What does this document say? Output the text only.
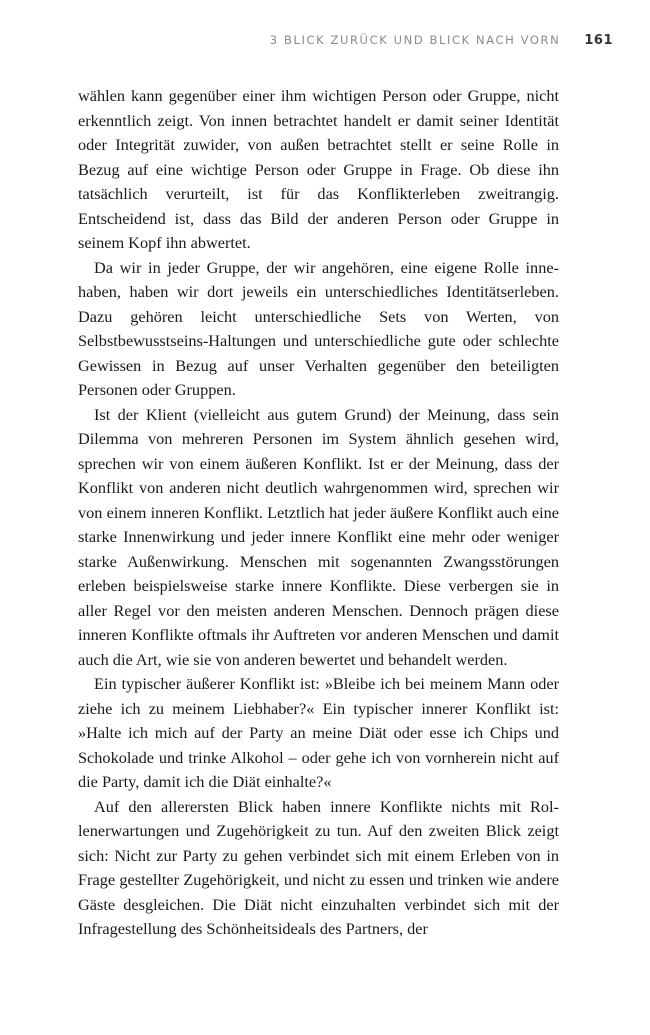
3 BLICK ZURÜCK UND BLICK NACH VORN 161

wählen kann gegenüber einer ihm wichtigen Person oder Gruppe, nicht erkenntlich zeigt. Von innen betrachtet handelt er damit seiner Identität oder Integrität zuwider, von außen betrachtet stellt er seine Rolle in Bezug auf eine wichtige Person oder Gruppe in Frage. Ob diese ihn tatsächlich verurteilt, ist für das Konflikterleben zweitrangig. Entscheidend ist, dass das Bild der anderen Person oder Gruppe in seinem Kopf ihn abwertet.

Da wir in jeder Gruppe, der wir angehören, eine eigene Rolle innehaben, haben wir dort jeweils ein unterschiedliches Identitätserleben. Dazu gehören leicht unterschiedliche Sets von Werten, von Selbstbewusstseins-Haltungen und unterschiedliche gute oder schlechte Gewissen in Bezug auf unser Verhalten gegenüber den beteiligten Personen oder Gruppen.

Ist der Klient (vielleicht aus gutem Grund) der Meinung, dass sein Dilemma von mehreren Personen im System ähnlich gesehen wird, sprechen wir von einem äußeren Konflikt. Ist er der Meinung, dass der Konflikt von anderen nicht deutlich wahrgenommen wird, sprechen wir von einem inneren Konflikt. Letztlich hat jeder äußere Konflikt auch eine starke Innenwirkung und jeder innere Konflikt eine mehr oder weniger starke Außenwirkung. Menschen mit sogenannten Zwangsstörungen erleben beispielsweise starke innere Konflikte. Diese verbergen sie in aller Regel vor den meisten anderen Menschen. Dennoch prägen diese inneren Konflikte oftmals ihr Auftreten vor anderen Menschen und damit auch die Art, wie sie von anderen bewertet und behandelt werden.

Ein typischer äußerer Konflikt ist: »Bleibe ich bei meinem Mann oder ziehe ich zu meinem Liebhaber?« Ein typischer innerer Konflikt ist: »Halte ich mich auf der Party an meine Diät oder esse ich Chips und Schokolade und trinke Alkohol – oder gehe ich von vornherein nicht auf die Party, damit ich die Diät einhalte?«

Auf den allerersten Blick haben innere Konflikte nichts mit Rollenerwartungen und Zugehörigkeit zu tun. Auf den zweiten Blick zeigt sich: Nicht zur Party zu gehen verbindet sich mit einem Erleben von in Frage gestellter Zugehörigkeit, und nicht zu essen und trinken wie andere Gäste desgleichen. Die Diät nicht einzuhalten verbindet sich mit der Infragestellung des Schönheitsideals des Partners, der
